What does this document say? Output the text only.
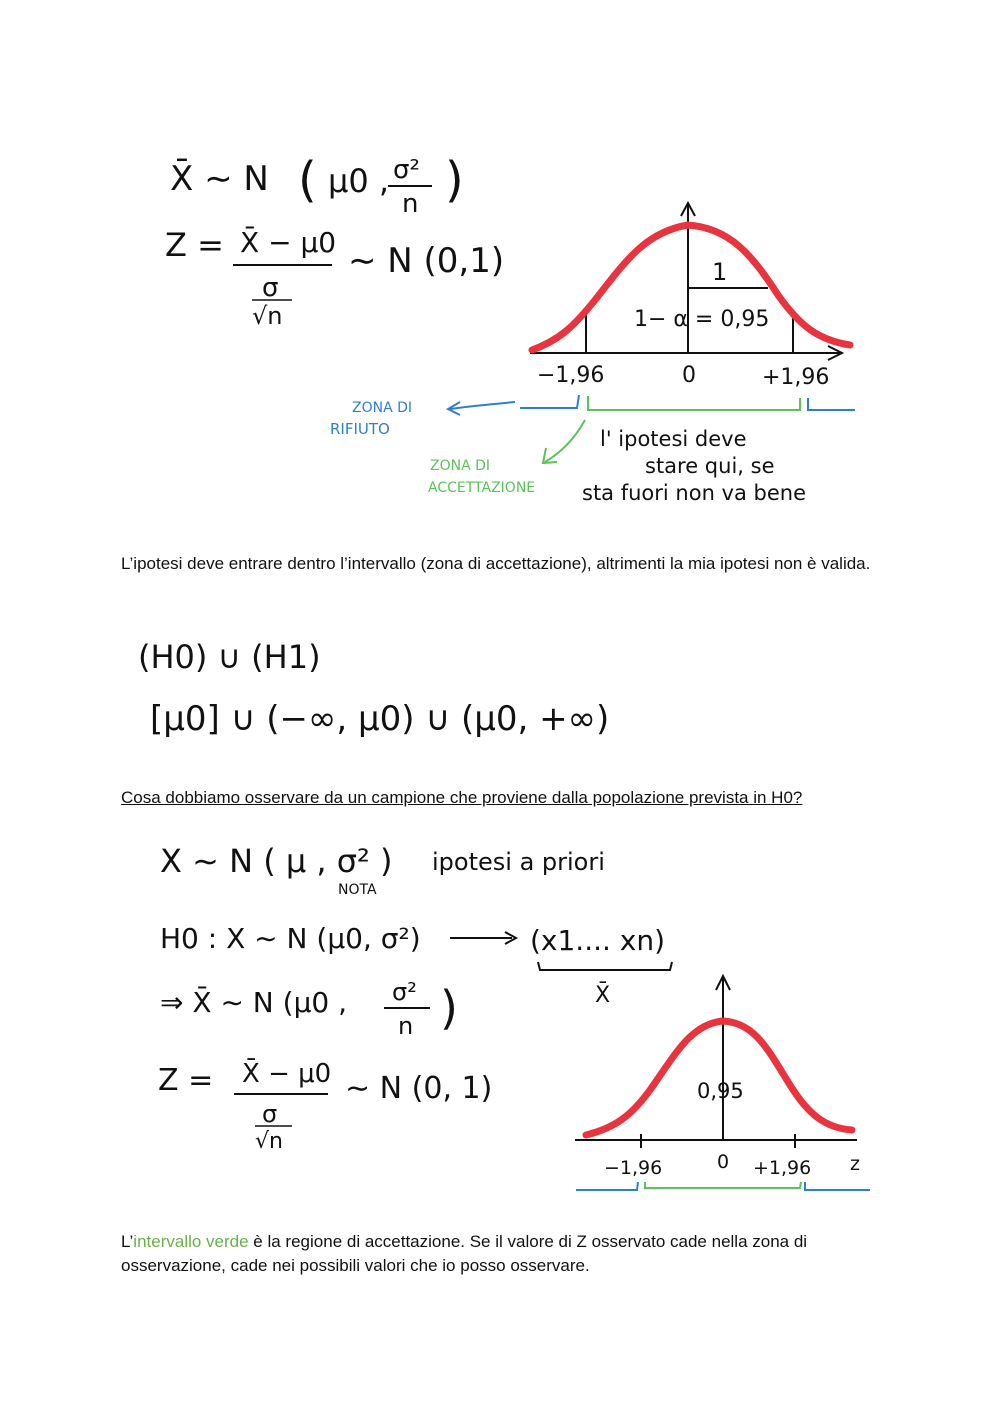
X̄ ∼ N ( μ0 , σ²
n )
Z = X̄ − μ0
σ
√n
∼ N (0,1)	1
1− α = 0,95
−1,96	0	+1,96
ZONA DI
RIFIUTO
ZONA DI
ACCETTAZIONE
l' ipotesi deve
stare qui, se
sta fuori non va bene

L’ipotesi deve entrare dentro l’intervallo (zona di accettazione), altrimenti la mia ipotesi non è valida.

(H0) ∪ (H1)
[μ0] ∪ (−∞, μ0) ∪ (μ0, +∞)

Cosa dobbiamo osservare da un campione che proviene dalla popolazione prevista in H0?

X ∼ N ( μ , σ² )
NOTA
ipotesi a priori
H0 : X ∼ N (μ0, σ²)	(x1.... xn)
X̄
⇒ X̄ ∼ N (μ0 , σ²
n )
Z = X̄ − μ0
σ
√n
∼ N (0, 1)	0,95
−1,96	0 +1,96 z

L’intervallo verde è la regione di accettazione. Se il valore di Z osservato cade nella zona di osservazione, cade nei possibili valori che io posso osservare.
